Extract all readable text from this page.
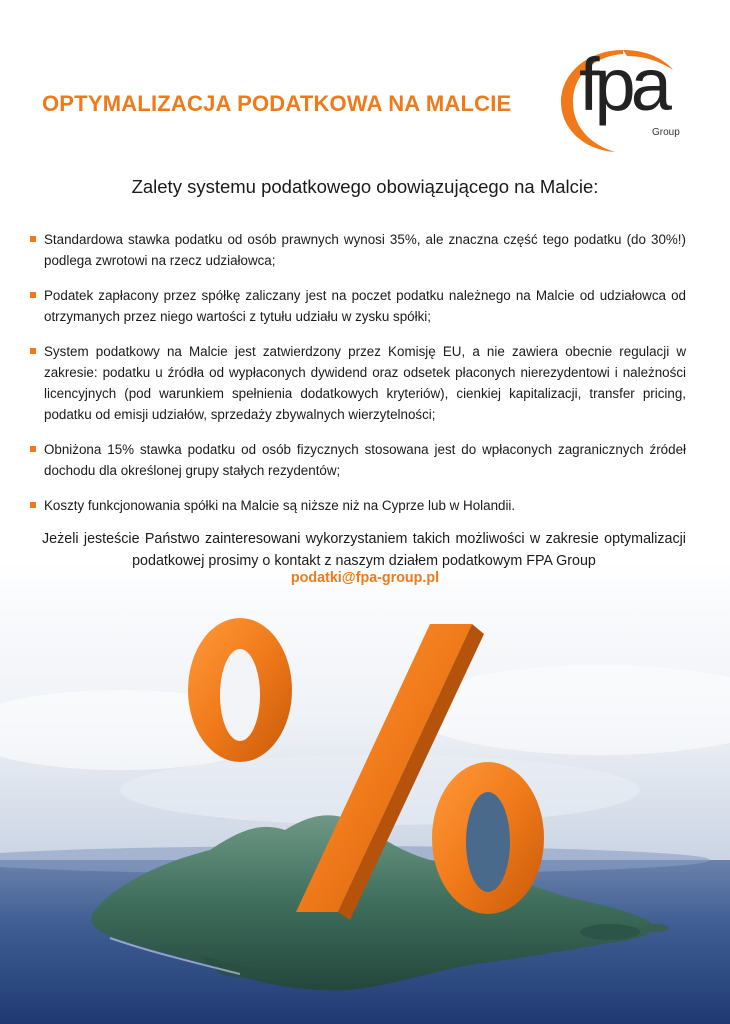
OPTYMALIZACJA PODATKOWA NA MALCIE fpa
Group
Zalety systemu podatkowego obowiązującego na Malcie:
Standardowa stawka podatku od osób prawnych wynosi 35%, ale znaczna część tego podatku (do 30%!) podlega zwrotowi na rzecz udziałowca;
Podatek zapłacony przez spółkę zaliczany jest na poczet podatku należnego na Malcie od udziałowca od otrzymanych przez niego wartości z tytułu udziału w zysku spółki;
System podatkowy na Malcie jest zatwierdzony przez Komisję EU, a nie zawiera obecnie regulacji w zakresie: podatku u źródła od wypłaconych dywidend oraz odsetek płaconych nierezydentowi i należności licencyjnych (pod warunkiem spełnienia dodatkowych kryteriów), cienkiej kapitalizacji, transfer pricing, podatku od emisji udziałów, sprzedaży zbywalnych wierzytelności;
Obniżona 15% stawka podatku od osób fizycznych stosowana jest do wpłaconych zagranicznych źródeł dochodu dla określonej grupy stałych rezydentów;
Koszty funkcjonowania spółki na Malcie są niższe niż na Cyprze lub w Holandii.

Jeżeli jesteście Państwo zainteresowani wykorzystaniem takich możliwości w zakresie optymalizacji podatkowej prosimy o kontakt z naszym działem podatkowym FPA Group

podatki@fpa-group.pl
